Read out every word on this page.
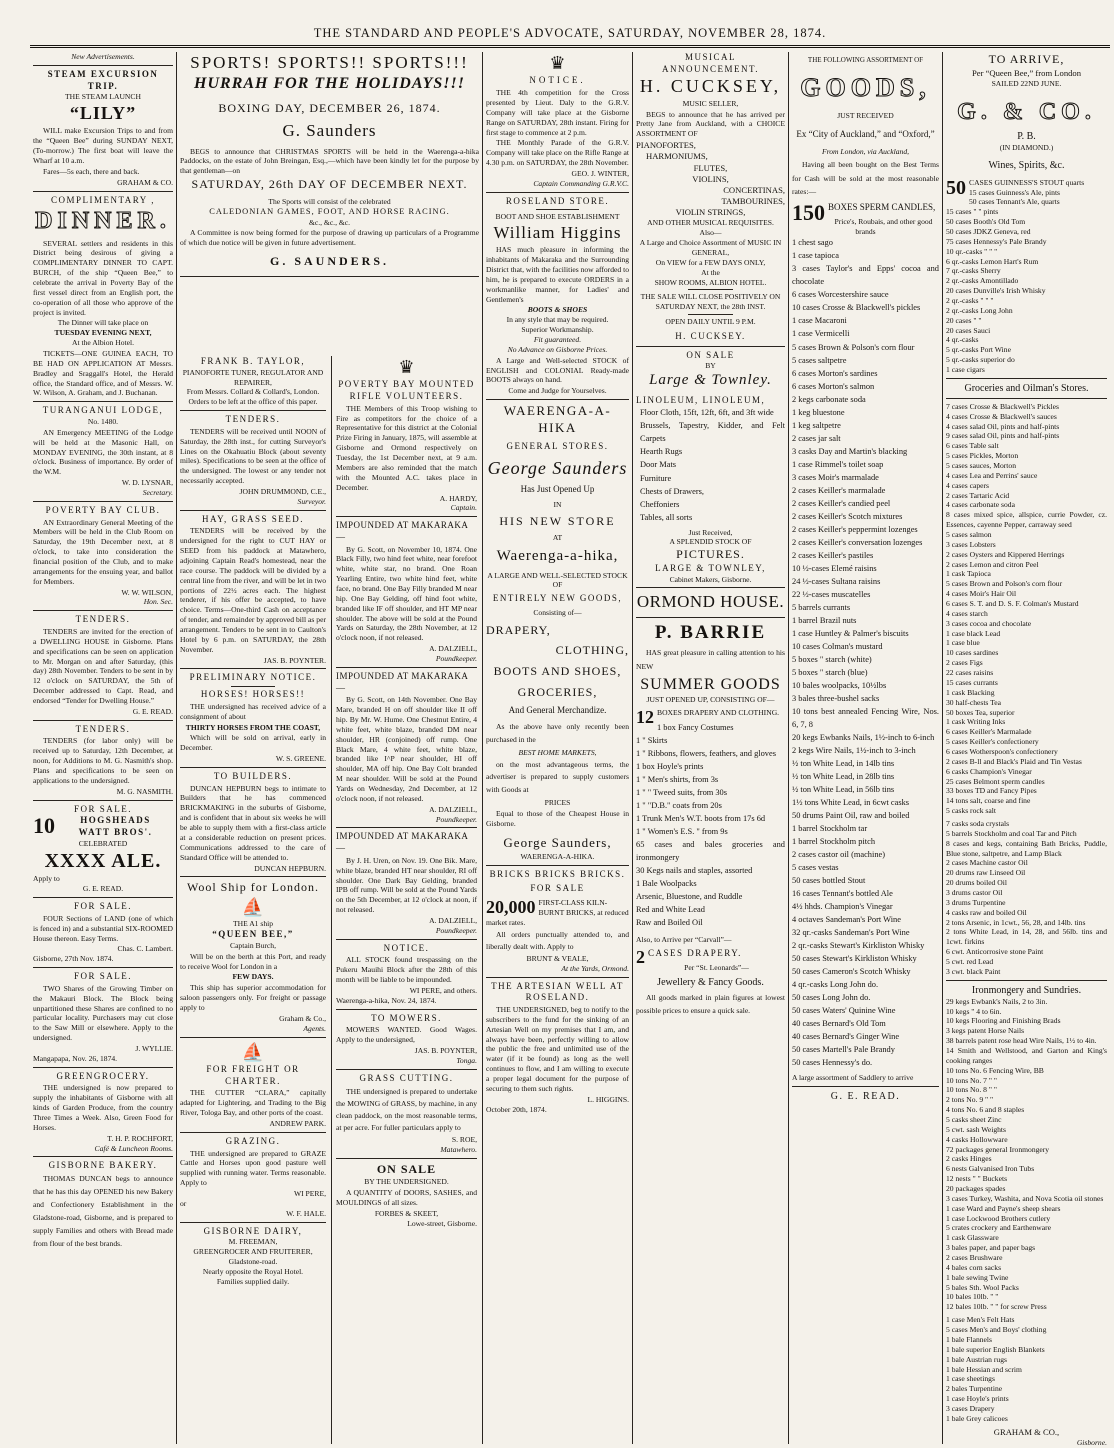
THE STANDARD AND PEOPLE'S ADVOCATE, SATURDAY, NOVEMBER 28, 1874.
New Advertisements.
STEAM EXCURSION TRIP.
THE STEAM LAUNCH
“LILY”

WILL make Excursion Trips to and from the “Queen Bee” during SUNDAY NEXT, (To-morrow.) The first boat will leave the Wharf at 10 a.m.

Fares—5s each, there and back.

GRAHAM & CO.
COMPLIMENTARY ,
DINNER.

SEVERAL settlers and residents in this District being desirous of giving a COMPLIMENTARY DINNER TO CAPT. BURCH, of the ship “Queen Bee,” to celebrate the arrival in Poverty Bay of the first vessel direct from an English port, the co-operation of all those who approve of the project is invited.

The Dinner will take place on
TUESDAY EVENING NEXT,
At the Albion Hotel.

TICKETS—ONE GUINEA EACH, TO BE HAD ON APPLICATION AT Messrs. Bradley and Sraggall's Hotel, the Herald office, the Standard office, and of Messrs. W. W. Wilson, A. Graham, and J. Buchanan.

TURANGANUI LODGE,
No. 1480.

AN Emergency MEETING of the Lodge will be held at the Masonic Hall, on MONDAY EVENING, the 30th instant, at 8 o'clock. Business of importance. By order of the W.M.

W. D. LYSNAR,
Secretary.
POVERTY BAY CLUB.

AN Extraordinary General Meeting of the Members will be held in the Club Room on Saturday, the 19th December next, at 8 o'clock, to take into consideration the financial position of the Club, and to make arrangements for the ensuing year, and ballot for Members.

W. W. WILSON,
Hon. Sec.
TENDERS.

TENDERS are invited for the erection of a DWELLING HOUSE in Gisborne. Plans and specifications can be seen on application to Mr. Morgan on and after Saturday, (this day) 28th November. Tenders to be sent in by 12 o'clock on SATURDAY, the 5th of December addressed to Capt. Read, and endorsed “Tender for Dwelling House.”

G. E. READ.
TENDERS.

TENDERS (for labor only) will be received up to Saturday, 12th December, at noon, for Additions to M. G. Nasmith's shop. Plans and specifications to be seen on applications to the undersigned.

M. G. NASMITH.
FOR SALE.
10	HOGSHEADS
WATT BROS'.
CELEBRATED
XXXX ALE.
Apply to
G. E. READ.
FOR SALE.

FOUR Sections of LAND (one of which is fenced in) and a substantial SIX-ROOMED House thereon. Easy Terms.

Chas. C. Lambert.
Gisborne, 27th Nov. 1874.
FOR SALE.

TWO Shares of the Growing Timber on the Makauri Block. The Block being unpartitioned these Shares are confined to no particular locality. Purchasers may cut close to the Saw Mill or elsewhere. Apply to the undersigned.

J. WYLLIE.
Mangapapa, Nov. 26, 1874.
GREENGROCERY.

THE undersigned is now prepared to supply the inhabitants of Gisborne with all kinds of Garden Produce, from the country Three Times a Week. Also, Green Food for Horses.

T. H. P. ROCHFORT,
Café & Luncheon Rooms.
GISBORNE BAKERY.

THOMAS DUNCAN begs to announce that he has this day OPENED his new Bakery and Confectionery Establishment in the Gladstone-road, Gisborne, and is prepared to supply Families and others with Bread made from flour of the best brands.

SPORTS! SPORTS!! SPORTS!!!
HURRAH FOR THE HOLIDAYS!!!
BOXING DAY, DECEMBER 26, 1874.
G. Saunders

BEGS to announce that CHRISTMAS SPORTS will be held in the Waerenga-a-hika Paddocks, on the estate of John Breingan, Esq.,—which have been kindly let for the purpose by that gentleman—on

SATURDAY, 26th DAY OF DECEMBER NEXT.
The Sports will consist of the celebrated
CALEDONIAN GAMES, FOOT, AND HORSE RACING.
&c., &c., &c.

A Committee is now being formed for the purpose of drawing up particulars of a Programme of which due notice will be given in future advertisement.

G. SAUNDERS.
FRANK B. TAYLOR,
PIANOFORTE TUNER, REGULATOR AND REPAIRER,
From Messrs. Collard & Collard's, London.
Orders to be left at the office of this paper.
TENDERS.

TENDERS will be received until NOON of Saturday, the 28th inst., for cutting Surveyor's Lines on the Okahuatiu Block (about seventy miles). Specifications to be seen at the office of the undersigned. The lowest or any tender not necessarily accepted.

JOHN DRUMMOND, C.E.,
Surveyor.
HAY, GRASS SEED.

TENDERS will be received by the undersigned for the right to CUT HAY or SEED from his paddock at Matawhero, adjoining Captain Read's homestead, near the race course. The paddock will be divided by a central line from the river, and will be let in two portions of 22½ acres each. The highest tenderer, if his offer be accepted, to have choice. Terms—One-third Cash on acceptance of tender, and remainder by approved bill as per arrangement. Tenders to be sent in to Caulton's Hotel by 6 p.m. on SATURDAY, the 28th November.

JAS. B. POYNTER.
PRELIMINARY NOTICE.
HORSES! HORSES!!

THE undersigned has received advice of a consignment of about

THIRTY HORSES FROM THE COAST,

Which will be sold on arrival, early in December.

W. S. GREENE.
TO BUILDERS.

DUNCAN HEPBURN begs to intimate to Builders that he has commenced BRICKMAKING in the suburbs of Gisborne, and is confident that in about six weeks he will be able to supply them with a first-class article at a considerable reduction on present prices. Communications addressed to the care of Standard Office will be attended to.

DUNCAN HEPBURN.
Wool Ship for London.
⛵
THE A1 ship
“QUEEN BEE,”
Captain Burch,

Will be on the berth at this Port, and ready to receive Wool for London in a

FEW DAYS.

This ship has superior accommodation for saloon passengers only. For freight or passage apply to

Graham & Co.,
Agents.
⛵
FOR FREIGHT OR CHARTER.

THE CUTTER “CLARA,” capitally adapted for Lightering, and Trading to the Big River, Tologa Bay, and other ports of the coast.

ANDREW PARK.
GRAZING.

THE undersigned are prepared to GRAZE Cattle and Horses upon good pasture well supplied with running water. Terms reasonable. Apply to

WI PERE,
or
W. F. HALE.
GISBORNE DAIRY,
M. FREEMAN,
GREENGROCER AND FRUITERER,
Gladstone-road.
Nearly opposite the Royal Hotel.
Families supplied daily.
♛
POVERTY BAY MOUNTED RIFLE VOLUNTEERS.

THE Members of this Troop wishing to Fire as competitors for the choice of a Representative for this district at the Colonial Prize Firing in January, 1875, will assemble at Gisborne and Ormond respectively on Tuesday, the 1st December next, at 9 a.m. Members are also reminded that the match with the Mounted A.C. takes place in December.

A. HARDY,
Captain.
IMPOUNDED AT MAKARAKA—

By G. Scott, on November 10, 1874. One Black Filly, two hind feet white, near forefoot white, white star, no brand. One Roan Yearling Entire, two white hind feet, white face, no brand. One Bay Filly branded M near hip. One Bay Gelding, off hind foot white, branded like IF off shoulder, and HT MP near shoulder. The above will be sold at the Pound Yards on Saturday, the 28th November, at 12 o'clock noon, if not released.

A. DALZIELL,
Poundkeeper.
IMPOUNDED AT MAKARAKA—

By G. Scott, on 14th November. One Bay Mare, branded H on off shoulder like II off hip. By Mr. W. Hume. One Chestnut Entire, 4 white feet, white blaze, branded DM near shoulder, HR (conjoined) off rump. One Black Mare, 4 white feet, white blaze, branded like I^P near shoulder, HI off shoulder, MA off hip. One Bay Colt branded M near shoulder. Will be sold at the Pound Yards on Wednesday, 2nd December, at 12 o'clock noon, if not released.

A. DALZIELL,
Poundkeeper.
IMPOUNDED AT MAKARAKA—

By J. H. Uren, on Nov. 19. One Bik. Mare, white blaze, branded HT near shoulder, RI off shoulder. One Dark Bay Gelding, branded IPB off rump. Will be sold at the Pound Yards on the 5th December, at 12 o'clock at noon, if not released.

A. DALZIELL,
Poundkeeper.
NOTICE.

ALL STOCK found trespassing on the Pukeru Mauihi Block after the 28th of this month will be liable to be impounded.

WI PERE, and others.
Waerenga-a-hika, Nov. 24, 1874.
TO MOWERS.

MOWERS WANTED. Good Wages. Apply to the undersigned,

JAS. B. POYNTER,
Tonga.
GRASS CUTTING.

THE undersigned is prepared to undertake the MOWING of GRASS, by machine, in any clean paddock, on the most reasonable terms, at per acre. For fuller particulars apply to

S. ROE,
Matawhero.
ON SALE
BY THE UNDERSIGNED.

A QUANTITY of DOORS, SASHES, and MOULDINGS of all sizes.

FORBES & SKEET,
Lowe-street, Gisborne.
♛
NOTICE.

THE 4th competition for the Cross presented by Lieut. Daly to the G.R.V. Company will take place at the Gisborne Range on SATURDAY, 28th instant. Firing for first stage to commence at 2 p.m.

THE Monthly Parade of the G.R.V. Company will take place on the Rifle Range at 4.30 p.m. on SATURDAY, the 28th November.

GEO. J. WINTER,
Captain Commanding G.R.V.C.
ROSELAND STORE.
BOOT AND SHOE ESTABLISHMENT
William Higgins

HAS much pleasure in informing the inhabitants of Makaraka and the Surrounding District that, with the facilities now afforded to him, he is prepared to execute ORDERS in a workmanlike manner, for Ladies' and Gentlemen's

BOOTS & SHOES
In any style that may be required.
Superior Workmanship.
Fit guaranteed.
No Advance on Gisborne Prices.

A Large and Well-selected STOCK of ENGLISH and COLONIAL Ready-made BOOTS always on hand.

Come and Judge for Yourselves.
WAERENGA-A-HIKA
GENERAL STORES.
George Saunders
Has Just Opened Up
IN
HIS NEW STORE
AT
Waerenga-a-hika,
A LARGE AND WELL-SELECTED STOCK OF
ENTIRELY NEW GOODS,
Consisting of—
DRAPERY,
CLOTHING,
BOOTS AND SHOES,
GROCERIES,
And General Merchandize.

As the above have only recently been purchased in the

BEST HOME MARKETS,

on the most advantageous terms, the advertiser is prepared to supply customers with Goods at

PRICES

Equal to those of the Cheapest House in Gisborne.

George Saunders,
WAERENGA-A-HIKA.
BRICKS BRICKS BRICKS.
FOR SALE
20,000 FIRST-CLASS KILN-BURNT BRICKS, at reduced market rates.

All orders punctually attended to, and liberally dealt with. Apply to

BRUNT & VEALE,
At the Yards, Ormond.
THE ARTESIAN WELL AT ROSELAND.

THE UNDERSIGNED, beg to notify to the subscribers to the fund for the sinking of an Artesian Well on my premises that I am, and always have been, perfectly willing to allow the public the free and unlimited use of the water (if it be found) as long as the well continues to flow, and I am willing to execute a proper legal document for the purpose of securing to them such rights.

L. HIGGINS.
October 20th, 1874.
MUSICAL ANNOUNCEMENT.
H. CUCKSEY,
MUSIC SELLER,

BEGS to announce that he has arrived per Pretty Jane from Auckland, with a CHOICE ASSORTMENT OF

PIANOFORTES,
HARMONIUMS,
FLUTES,
VIOLINS,
CONCERTINAS,
TAMBOURINES,
VIOLIN STRINGS,
AND OTHER MUSICAL REQUISITES.
Also—
A Large and Choice Assortment of MUSIC IN GENERAL,
On VIEW for a FEW DAYS ONLY,
At the
SHOW ROOMS, ALBION HOTEL.
THE SALE WILL CLOSE POSITIVELY ON
SATURDAY NEXT, the 28th INST.
OPEN DAILY UNTIL 9 P.M.
H. CUCKSEY.
ON SALE
BY
Large & Townley.
LINOLEUM, LINOLEUM,

Floor Cloth, 15ft, 12ft, 6ft, and 3ft wide

Brussels, Tapestry, Kidder, and Felt Carpets

Hearth Rugs

Door Mats

Furniture

Chests of Drawers,

Cheffoniers

Tables, all sorts

Just Received,
A SPLENDID STOCK OF
PICTURES.
LARGE & TOWNLEY,
Cabinet Makers, Gisborne.
ORMOND HOUSE.
P. BARRIE

HAS great pleasure in calling attention to his NEW

SUMMER GOODS
JUST OPENED UP, CONSISTING OF—
12 BOXES DRAPERY AND CLOTHING.

1 box Fancy Costumes

1 " Skirts

1 " Ribbons, flowers, feathers, and gloves

1 box Hoyle's prints

1 " Men's shirts, from 3s

1 " " Tweed suits, from 30s

1 " "D.B." coats from 20s

1 Trunk Men's W.T. boots from 17s 6d

1 " Women's E.S. " from 9s

65 cases and bales groceries and ironmongery

30 Kegs nails and staples, assorted

1 Bale Woolpacks

Arsenic, Bluestone, and Ruddle

Red and White Lead

Raw and Boiled Oil

Also, to Arrive per “Carvall”—
2 CASES DRAPERY.
Per “St. Leonards”—
Jewellery & Fancy Goods.

All goods marked in plain figures at lowest possible prices to ensure a quick sale.

THE FOLLOWING ASSORTMENT OF
GOODS,
JUST RECEIVED
Ex “City of Auckland,” and “Oxford,”
From London, via Auckland,

Having all been bought on the Best Terms for Cash will be sold at the most reasonable rates:—

150 BOXES SPERM CANDLES,
Price's, Roubais, and other good brands

1 chest sago

1 case tapioca

3 cases Taylor's and Epps' cocoa and chocolate

6 cases Worcestershire sauce

10 cases Crosse & Blackwell's pickles

1 case Macaroni

1 case Vermicelli

5 cases Brown & Polson's corn flour

5 cases saltpetre

6 cases Morton's sardines

6 cases Morton's salmon

2 kegs carbonate soda

1 keg bluestone

1 keg saltpetre

2 cases jar salt

3 casks Day and Martin's blacking

1 case Rimmel's toilet soap

3 cases Moir's marmalade

2 cases Keiller's marmalade

2 cases Keiller's candied peel

2 cases Keiller's Scotch mixtures

2 cases Keiller's peppermint lozenges

2 cases Keiller's conversation lozenges

2 cases Keiller's pastiles

10 ½-cases Elemé raisins

24 ½-cases Sultana raisins

22 ½-cases muscatelles

5 barrels currants

1 barrel Brazil nuts

1 case Huntley & Palmer's biscuits

10 cases Colman's mustard

5 boxes " starch (white)

5 boxes " starch (blue)

10 bales woolpacks, 10½lbs

3 bales three-bushel sacks

10 tons best annealed Fencing Wire, Nos. 6, 7, 8

20 kegs Ewbanks Nails, 1½-inch to 6-inch

2 kegs Wire Nails, 1½-inch to 3-inch

½ ton White Lead, in 14lb tins

½ ton White Lead, in 28lb tins

½ ton White Lead, in 56lb tins

1½ tons White Lead, in 6cwt casks

50 drums Paint Oil, raw and boiled

1 barrel Stockholm tar

1 barrel Stockholm pitch

2 cases castor oil (machine)

5 cases vestas

50 cases bottled Stout

16 cases Tennant's bottled Ale

4½ hhds. Champion's Vinegar

4 octaves Sandeman's Port Wine

32 qr.-casks Sandeman's Port Wine

2 qr.-casks Stewart's Kirkliston Whisky

50 cases Stewart's Kirkliston Whisky

50 cases Cameron's Scotch Whisky

4 qr.-casks Long John do.

50 cases Long John do.

50 cases Waters' Quinine Wine

40 cases Bernard's Old Tom

40 cases Bernard's Ginger Wine

50 cases Martell's Pale Brandy

50 cases Hennessy's do.

A large assortment of Saddlery to arrive
G. E. READ.
TO ARRIVE,
Per “Queen Bee,” from London
SAILED 22ND JUNE.
G. & CO.
P. B.
(IN DIAMOND.)
Wines, Spirits, &c.
50 CASES GUINNESS'S STOUT quarts

15 cases Guinness's Ale, pints

50 cases Tennant's Ale, quarts

15 cases " " pints

50 cases Booth's Old Tom

50 cases JDKZ Geneva, red

75 cases Hennessy's Pale Brandy

10 qr.-casks " " "

6 qr.-casks Lemon Hart's Rum

7 qr.-casks Sherry

2 qr.-casks Amontillado

20 cases Dunville's Irish Whisky

2 qr.-casks " " "

2 qr.-casks Long John

20 cases " "

20 cases Sauci

4 qr.-casks

5 qr.-casks Port Wine

5 qr.-casks superior do

1 case cigars

Groceries and Oilman's Stores.

7 cases Crosse & Blackwell's Pickles

4 cases Crosse & Blackwell's sauces

4 cases salad Oil, pints and half-pints

9 cases salad Oil, pints and half-pints

6 cases Table salt

5 cases Pickles, Morton

5 cases sauces, Morton

4 cases Lea and Perrins' sauce

4 cases capers

2 cases Tartaric Acid

4 cases carbonate soda

8 cases mixed spice, allspice, currie Powder, cz. Essences, cayenne Pepper, carraway seed

5 cases salmon

3 cases Lobsters

2 cases Oysters and Kippered Herrings

2 cases Lemon and citron Peel

1 cask Tapioca

5 cases Brown and Polson's corn flour

4 cases Moir's Hair Oil

6 cases S. T. and D. S. F. Colman's Mustard

4 cases starch

3 cases cocoa and chocolate

1 case black Lead

1 case blue

10 cases sardines

2 cases Figs

22 cases raisins

15 cases currants

1 cask Blacking

30 half-chests Tea

50 boxes Tea, superior

1 cask Writing Inks

6 cases Keiller's Marmalade

5 cases Keiller's confectionery

6 cases Wotherspoon's confectionery

2 cases B-ll and Black's Plaid and Tin Vestas

6 casks Champion's Vinegar

25 cases Belmont sperm candles

33 boxes TD and Fancy Pipes

14 tons salt, coarse and fine

5 casks rock salt

7 casks soda crystals

5 barrels Stockholm and coal Tar and Pitch

8 cases and kegs, containing Bath Bricks, Puddle, Blue stone, saltpetre, and Lamp Black

2 cases Machine castor Oil

20 drums raw Linseed Oil

20 drums boiled Oil

3 drums castor Oil

3 drums Turpentine

4 casks raw and boiled Oil

2 tons Arsenic, in 1cwt., 56, 28, and 14lb. tins

2 tons White Lead, in 14, 28, and 56lb. tins and 1cwt. firkins

6 cwt. Anticorrosive stone Paint

5 cwt. red Lead

3 cwt. black Paint

Ironmongery and Sundries.

29 kegs Ewbank's Nails, 2 to 3in.

10 kegs " 4 to 6in.

10 kegs Flooring and Finishing Brads

3 kegs patent Horse Nails

38 barrels patent rose head Wire Nails, 1½ to 4in.

14 Smith and Wellstood, and Garton and King's cooking ranges

10 tons No. 6 Fencing Wire, BB

10 tons No. 7 " "

10 tons No. 8 " "

2 tons No. 9 " "

4 tons No. 6 and 8 staples

5 casks sheet Zinc

5 cwt. sash Weights

4 casks Hollowware

72 packages general Ironmongery

2 casks Hinges

6 nests Galvanised Iron Tubs

12 nests " " Buckets

20 packages spades

3 cases Turkey, Washita, and Nova Scotia oil stones

1 case Ward and Payne's sheep shears

1 case Lockwood Brothers cutlery

5 crates crockery and Earthenware

1 cask Glassware

3 bales paper, and paper bags

2 cases Brushware

4 bales corn sacks

1 bale sewing Twine

5 bales Sth. Wool Packs

10 bales 10lb. " "

12 bales 10lb. " " for screw Press

1 case Men's Felt Hats

5 cases Men's and Boys' clothing

1 bale Flannels

1 bale superior English Blankets

1 bale Austrian rugs

1 bale Hessian and scrim

1 case sheetings

2 bales Turpentine

1 case Hoyle's prints

3 cases Drapery

1 bale Grey calicoes

GRAHAM & CO.,
Gisborne.
